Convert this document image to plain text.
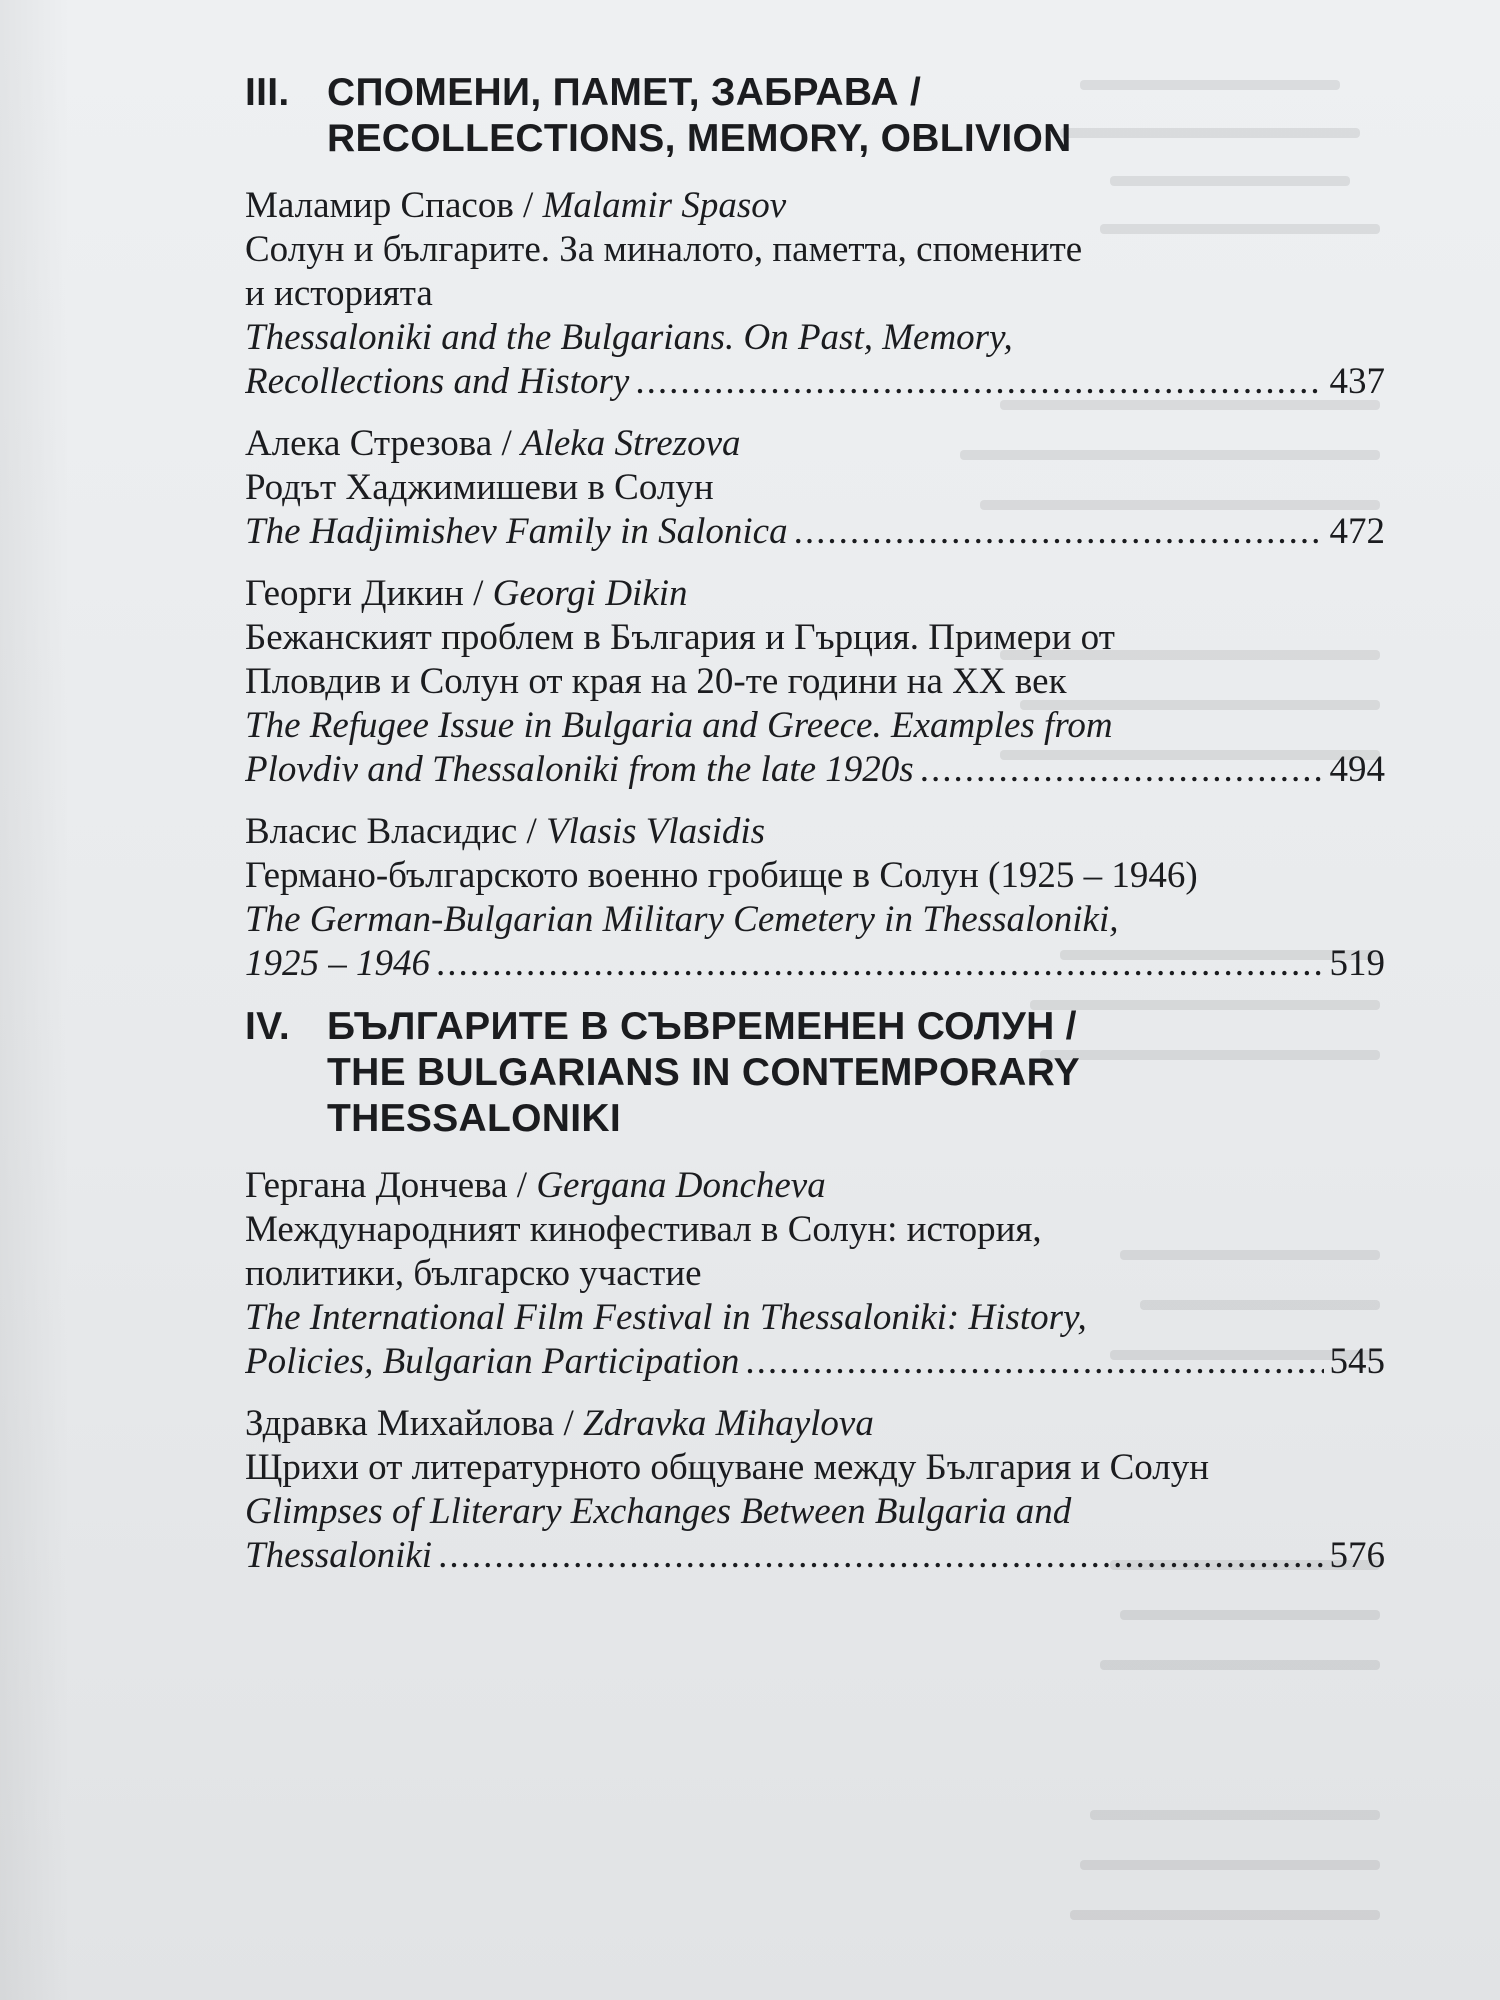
III. СПОМЕНИ, ПАМЕТ, ЗАБРАВА /
RECOLLECTIONS, MEMORY, OBLIVION
Маламир Спасов / Malamir Spasov
Солун и българите. За миналото, паметта, спомените
и историята
Thessaloniki and the Bulgarians. On Past, Memory,
Recollections and History .....	437
Алека Стрезова / Aleka Strezova
Родът Хаджимишеви в Солун
The Hadjimishev Family in Salonica .....	472
Георги Дикин / Georgi Dikin
Бежанският проблем в България и Гърция. Примери от
Пловдив и Солун от края на 20-те години на XX век
The Refugee Issue in Bulgaria and Greece. Examples from
Plovdiv and Thessaloniki from the late 1920s .....	494
Власис Власидис / Vlasis Vlasidis
Германо-българското военно гробище в Солун (1925 – 1946)
The German-Bulgarian Military Cemetery in Thessaloniki,
1925 – 1946 .....	519
IV. БЪЛГАРИТЕ В СЪВРЕМЕНЕН СОЛУН /
THE BULGARIANS IN CONTEMPORARY
THESSALONIKI
Гергана Дончева / Gergana Doncheva
Международният кинофестивал в Солун: история,
политики, българско участие
The International Film Festival in Thessaloniki: History,
Policies, Bulgarian Participation .....	545
Здравка Михайлова / Zdravka Mihaylova
Щрихи от литературното общуване между България и Солун
Glimpses of Lliterary Exchanges Between Bulgaria and
Thessaloniki .....	576
